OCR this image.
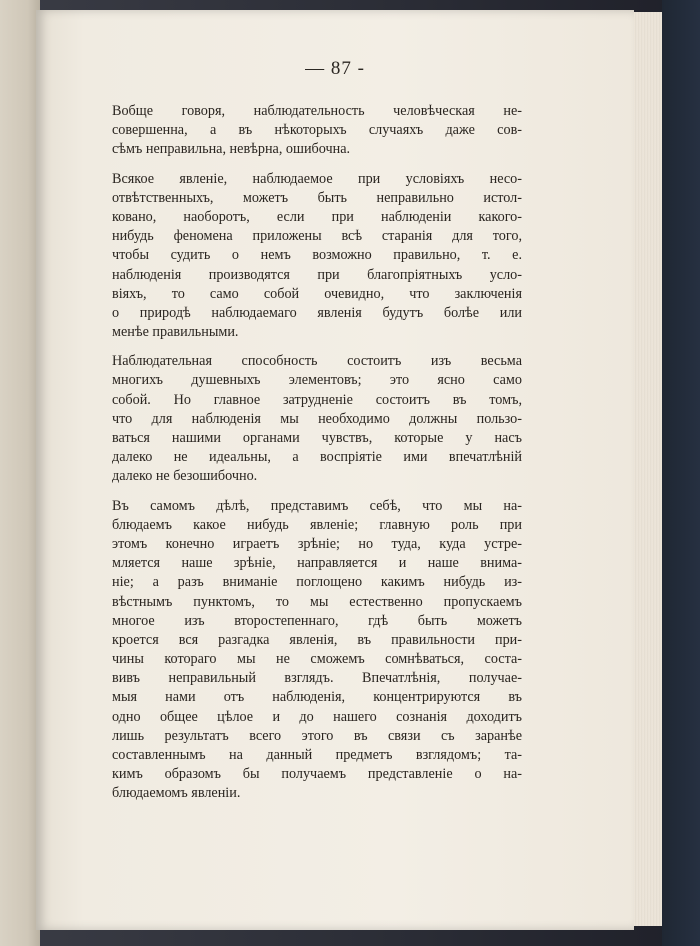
— 87 -
Вобще говоря, наблюдательность человѣческая не-
совершенна, а въ нѣкоторыхъ случаяхъ даже сов-
сѣмъ неправильна, невѣрна, ошибочна.
Всякое явленіе, наблюдаемое при условіяхъ несо-
отвѣтственныхъ, можетъ быть неправильно истол-
ковано, наоборотъ, если при наблюденіи какого-
нибудь феномена приложены всѣ старанія для того,
чтобы судить о немъ возможно правильно, т. е.
наблюденія производятся при благопріятныхъ усло-
віяхъ, то само собой очевидно, что заключенія
о природѣ наблюдаемаго явленія будутъ болѣе или
менѣе правильными.
Наблюдательная способность состоитъ изъ весьма
многихъ душевныхъ элементовъ; это ясно само
собой. Но главное затрудненіе состоитъ въ томъ,
что для наблюденія мы необходимо должны пользо-
ваться нашими органами чувствъ, которые у насъ
далеко не идеальны, а воспріятіе ими впечатлѣній
далеко не безошибочно.
Въ самомъ дѣлѣ, представимъ себѣ, что мы на-
блюдаемъ какое нибудь явленіе; главную роль при
этомъ конечно играетъ зрѣніе; но туда, куда устре-
мляется наше зрѣніе, направляется и наше внима-
ніе; а разъ вниманіе поглощено какимъ нибудь из-
вѣстнымъ пунктомъ, то мы естественно пропускаемъ
многое изъ второстепеннаго, гдѣ быть можетъ
кроется вся разгадка явленія, въ правильности при-
чины котораго мы не сможемъ сомнѣваться, соста-
вивъ неправильный взглядъ. Впечатлѣнія, получае-
мыя нами отъ наблюденія, концентрируются въ
одно общее цѣлое и до нашего сознанія доходитъ
лишь результатъ всего этого въ связи съ заранѣе
составленнымъ на данный предметъ взглядомъ; та-
кимъ образомъ бы получаемъ представленіе о на-
блюдаемомъ явленіи.
